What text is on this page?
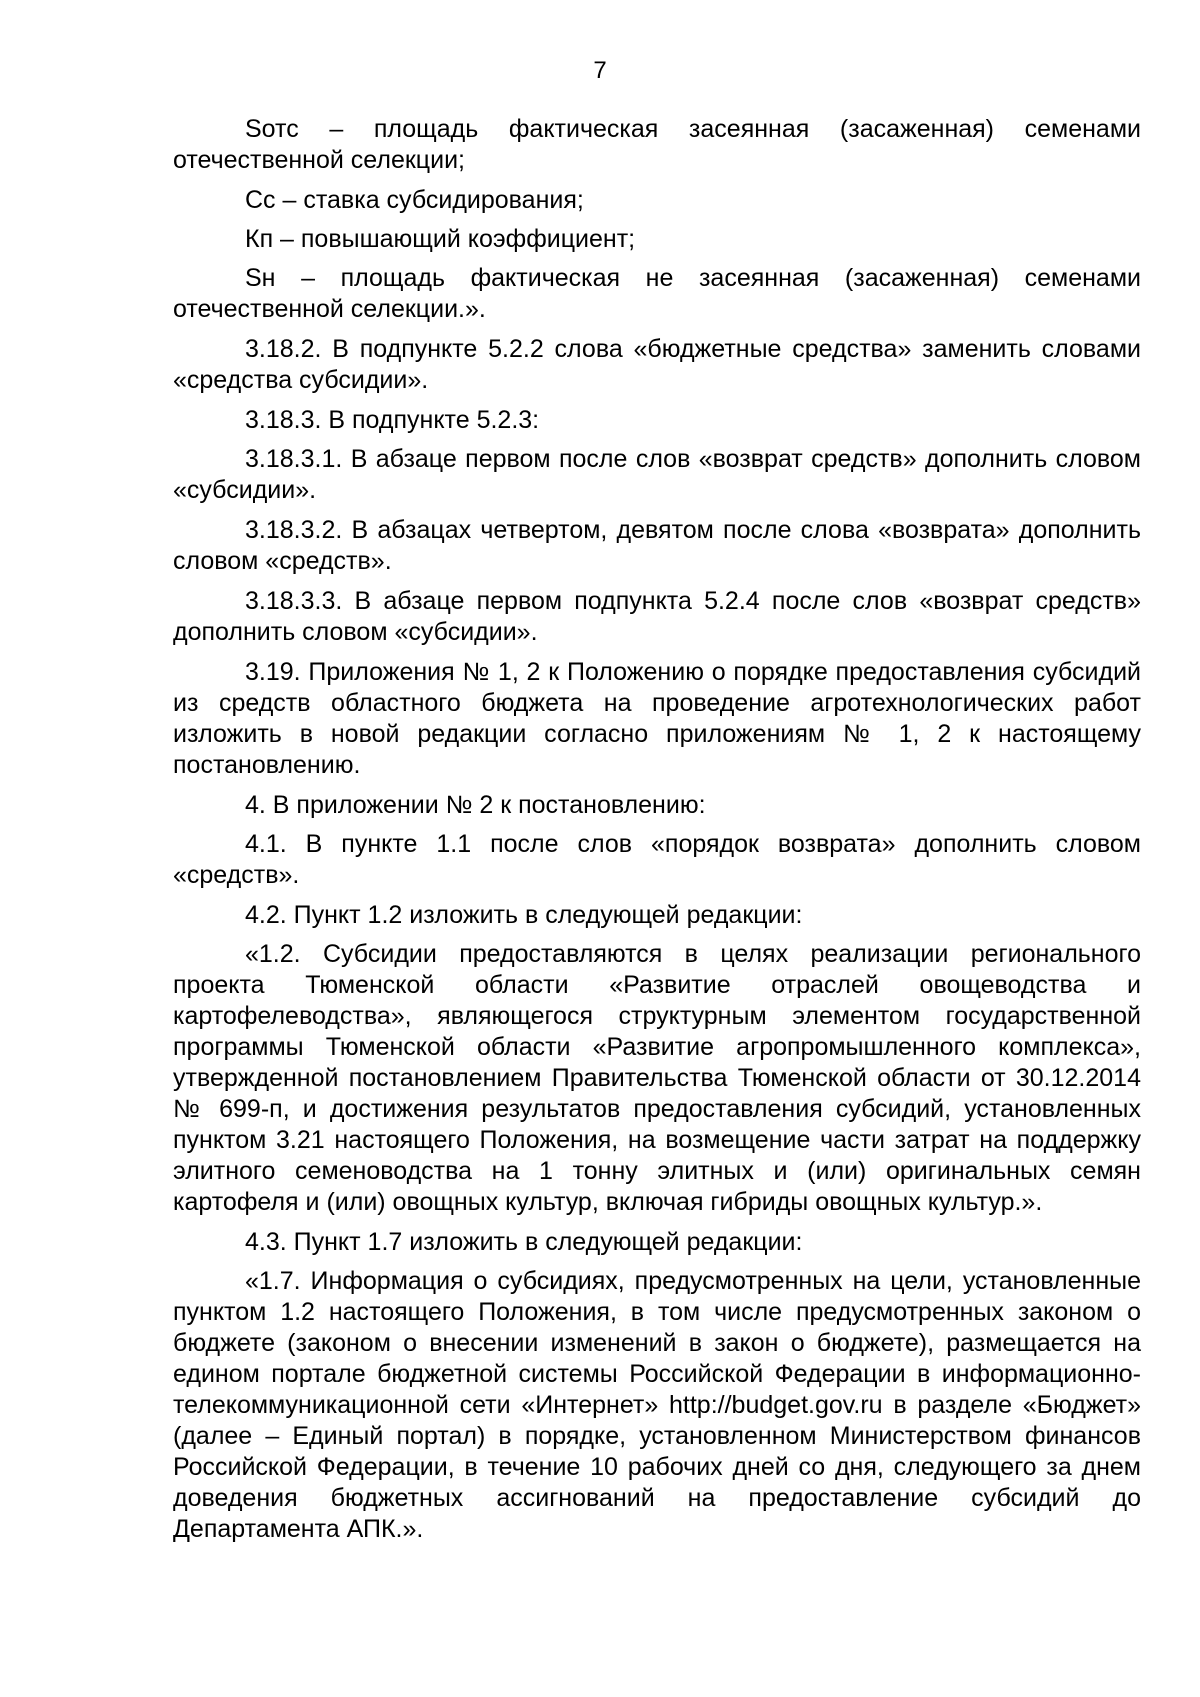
7

Sотс – площадь фактическая засеянная (засаженная) семенами отечественной селекции;

Сс – ставка субсидирования;

Кп – повышающий коэффициент;

Sн – площадь фактическая не засеянная (засаженная) семенами отечественной селекции.».

3.18.2. В подпункте 5.2.2 слова «бюджетные средства» заменить словами «средства субсидии».

3.18.3. В подпункте 5.2.3:

3.18.3.1. В абзаце первом после слов «возврат средств» дополнить словом «субсидии».

3.18.3.2. В абзацах четвертом, девятом после слова «возврата» дополнить словом «средств».

3.18.3.3. В абзаце первом подпункта 5.2.4 после слов «возврат средств» дополнить словом «субсидии».

3.19. Приложения № 1, 2 к Положению о порядке предоставления субсидий из средств областного бюджета на проведение агротехнологических работ изложить в новой редакции согласно приложениям № 1, 2 к настоящему постановлению.

4. В приложении № 2 к постановлению:

4.1. В пункте 1.1 после слов «порядок возврата» дополнить словом «средств».

4.2. Пункт 1.2 изложить в следующей редакции:

«1.2. Субсидии предоставляются в целях реализации регионального проекта Тюменской области «Развитие отраслей овощеводства и картофелеводства», являющегося структурным элементом государственной программы Тюменской области «Развитие агропромышленного комплекса», утвержденной постановлением Правительства Тюменской области от 30.12.2014 № 699-п, и достижения результатов предоставления субсидий, установленных пунктом 3.21 настоящего Положения, на возмещение части затрат на поддержку элитного семеноводства на 1 тонну элитных и (или) оригинальных семян картофеля и (или) овощных культур, включая гибриды овощных культур.».

4.3. Пункт 1.7 изложить в следующей редакции:

«1.7. Информация о субсидиях, предусмотренных на цели, установленные пунктом 1.2 настоящего Положения, в том числе предусмотренных законом о бюджете (законом о внесении изменений в закон о бюджете), размещается на едином портале бюджетной системы Российской Федерации в информационно-телекоммуникационной сети «Интернет» http://budget.gov.ru в разделе «Бюджет» (далее – Единый портал) в порядке, установленном Министерством финансов Российской Федерации, в течение 10 рабочих дней со дня, следующего за днем доведения бюджетных ассигнований на предоставление субсидий до Департамента АПК.».
